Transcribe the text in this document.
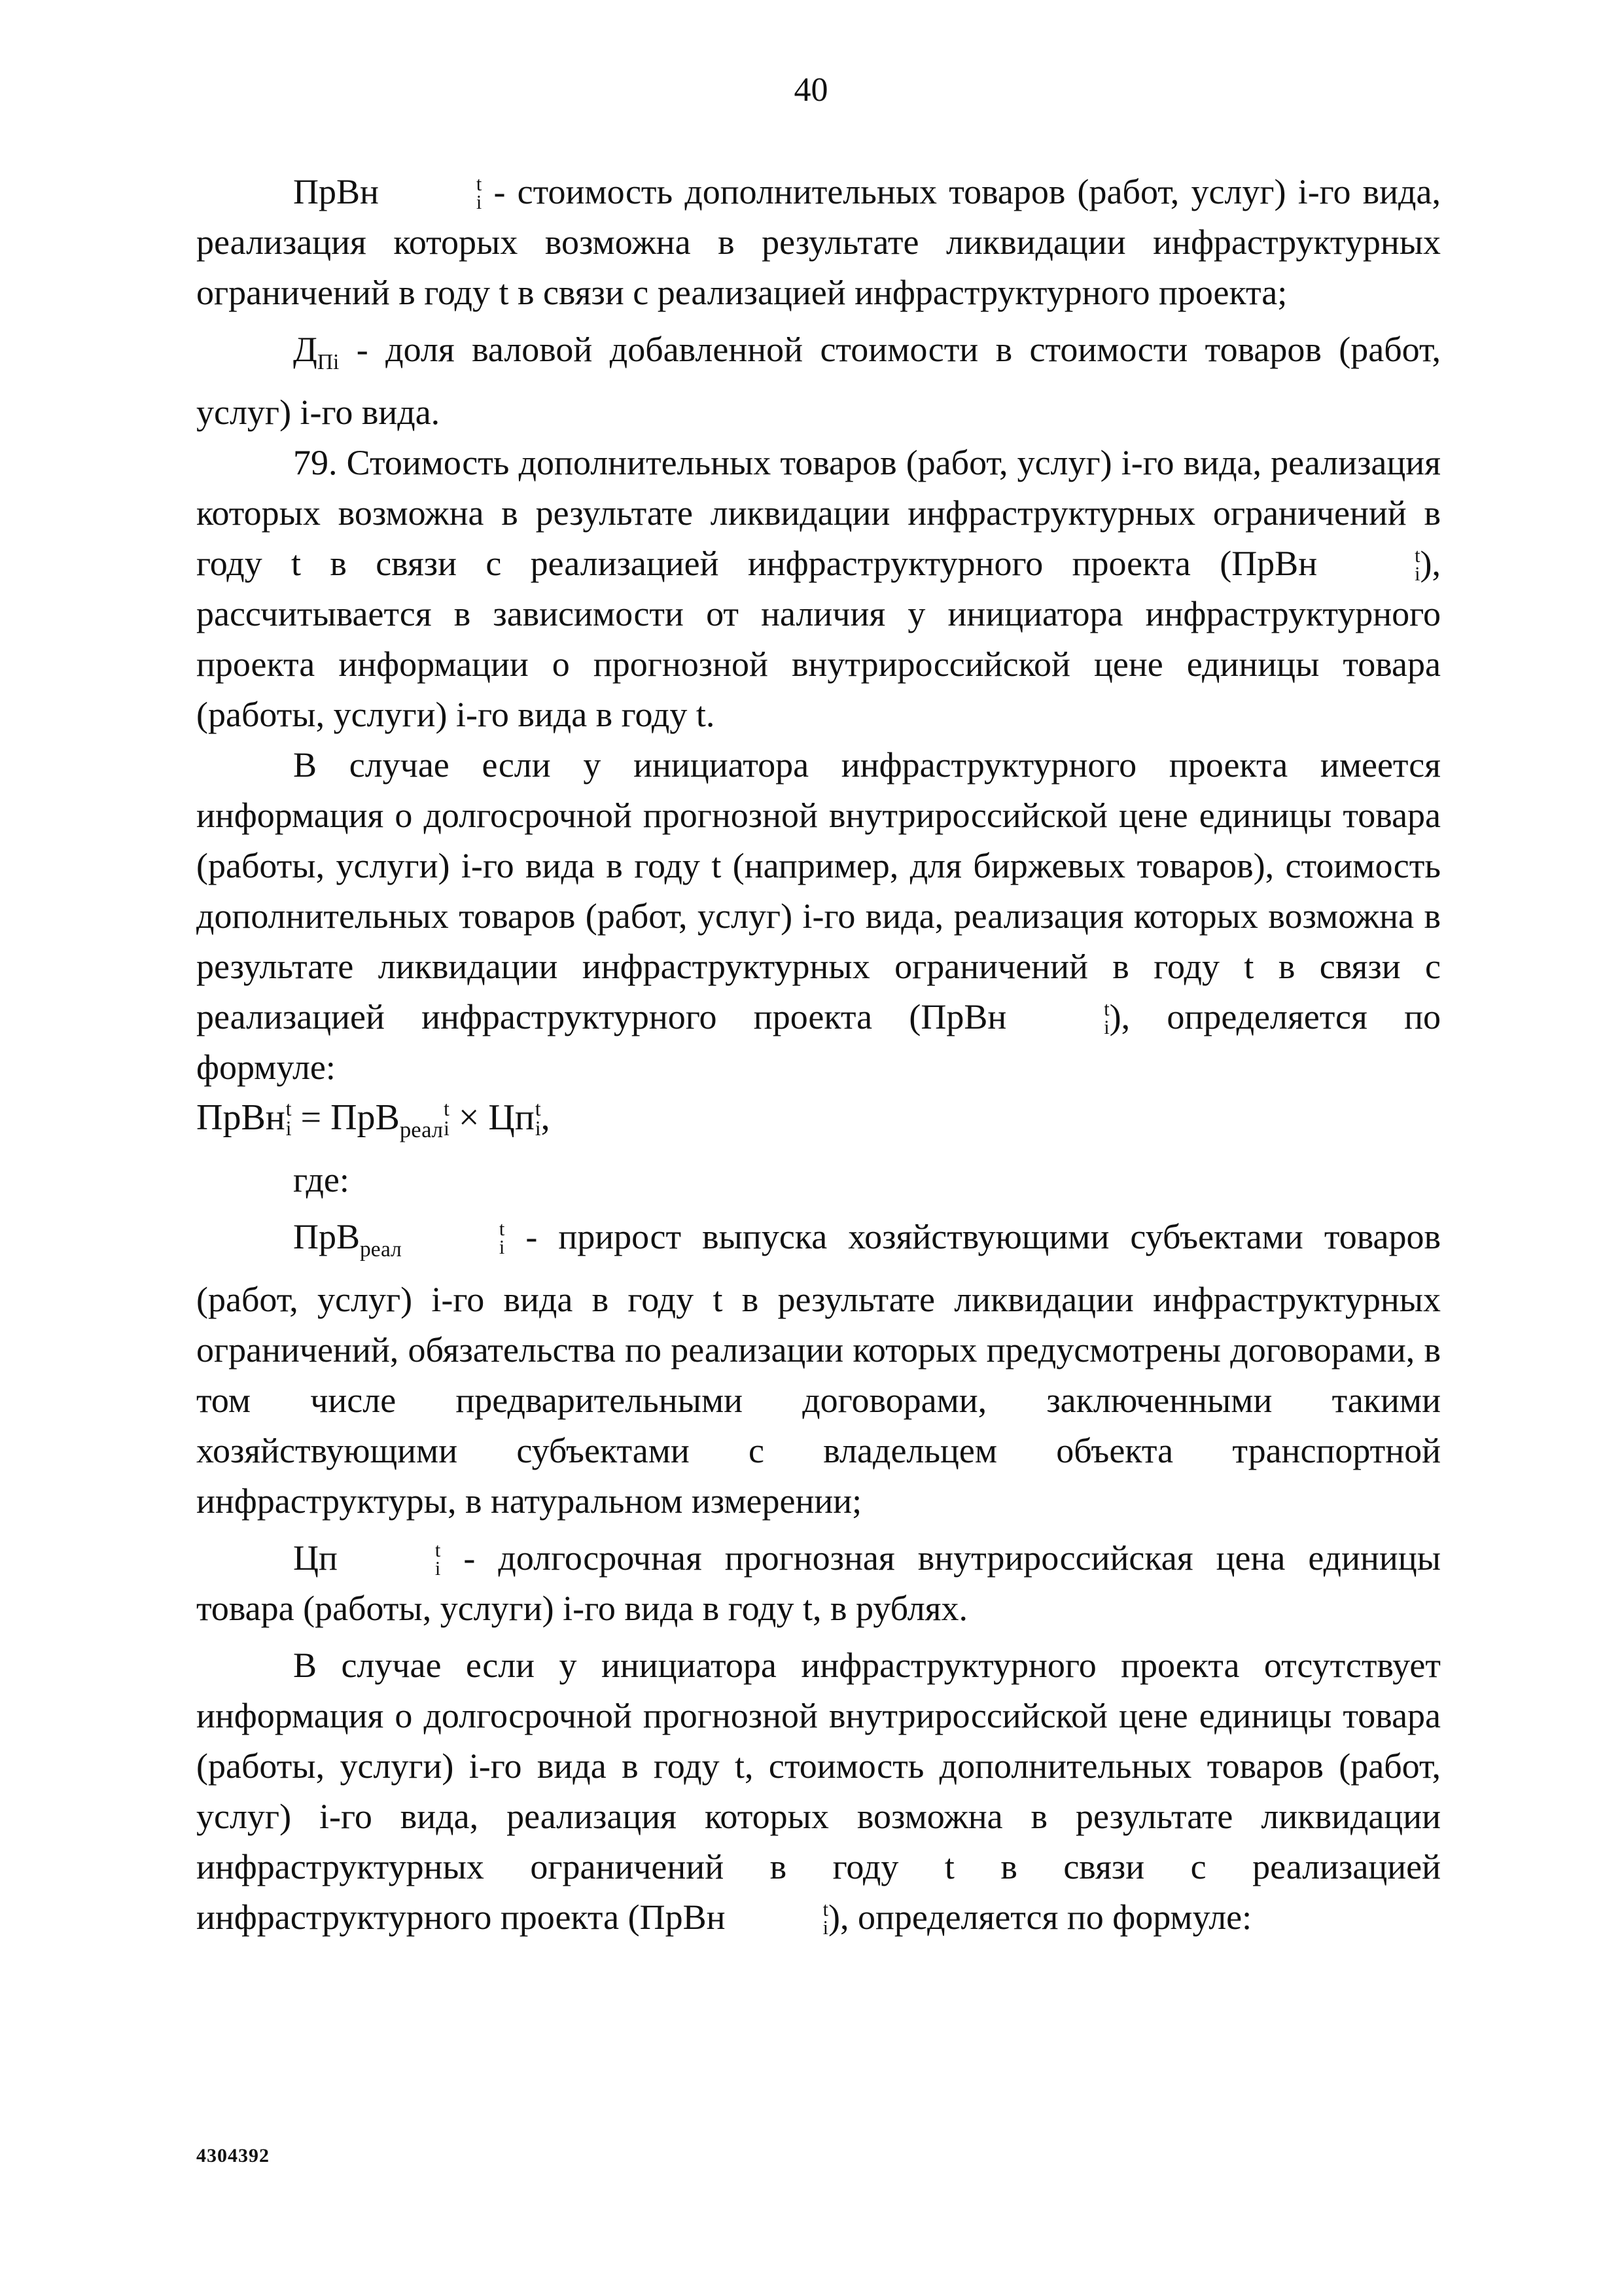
40

ПрВн	t
i - стоимость дополнительных товаров (работ, услуг) i-го вида, реализация которых возможна в результате ликвидации инфраструктурных ограничений в году t в связи с реализацией инфраструктурного проекта;

$Д_{Пi}$ - доля валовой добавленной стоимости в стоимости товаров (работ, услуг) i-го вида.

79. Стоимость дополнительных товаров (работ, услуг) i-го вида, реализация которых возможна в результате ликвидации инфраструктурных ограничений в году t в связи с реализацией инфраструктурного проекта (ПрВн	t
i ), рассчитывается в зависимости от наличия у инициатора инфраструктурного проекта информации о прогнозной внутрироссийской цене единицы товара (работы, услуги) i-го вида в году t.

В случае если у инициатора инфраструктурного проекта имеется информация о долгосрочной прогнозной внутрироссийской цене единицы товара (работы, услуги) i-го вида в году t (например, для биржевых товаров), стоимость дополнительных товаров (работ, услуг) i-го вида, реализация которых возможна в результате ликвидации инфраструктурных ограничений в году t в связи с реализацией инфраструктурного проекта (ПрВн	t
i ), определяется по формуле:

ПрВн t
i = ПрВ$_{реал}$
t
i × Цп t
i ,

где:

ПрВ$_{реал}$
t
i - прирост выпуска хозяйствующими субъектами товаров (работ, услуг) i-го вида в году t в результате ликвидации инфраструктурных ограничений, обязательства по реализации которых предусмотрены договорами, в том числе предварительными договорами, заключенными такими хозяйствующими субъектами с владельцем объекта транспортной инфраструктуры, в натуральном измерении;

Цп	t
i - долгосрочная прогнозная внутрироссийская цена единицы товара (работы, услуги) i-го вида в году t, в рублях.

В случае если у инициатора инфраструктурного проекта отсутствует информация о долгосрочной прогнозной внутрироссийской цене единицы товара (работы, услуги) i-го вида в году t, стоимость дополнительных товаров (работ, услуг) i-го вида, реализация которых возможна в результате ликвидации инфраструктурных ограничений в году t в связи с реализацией инфраструктурного проекта (ПрВн	t
i ), определяется по формуле:

4304392
